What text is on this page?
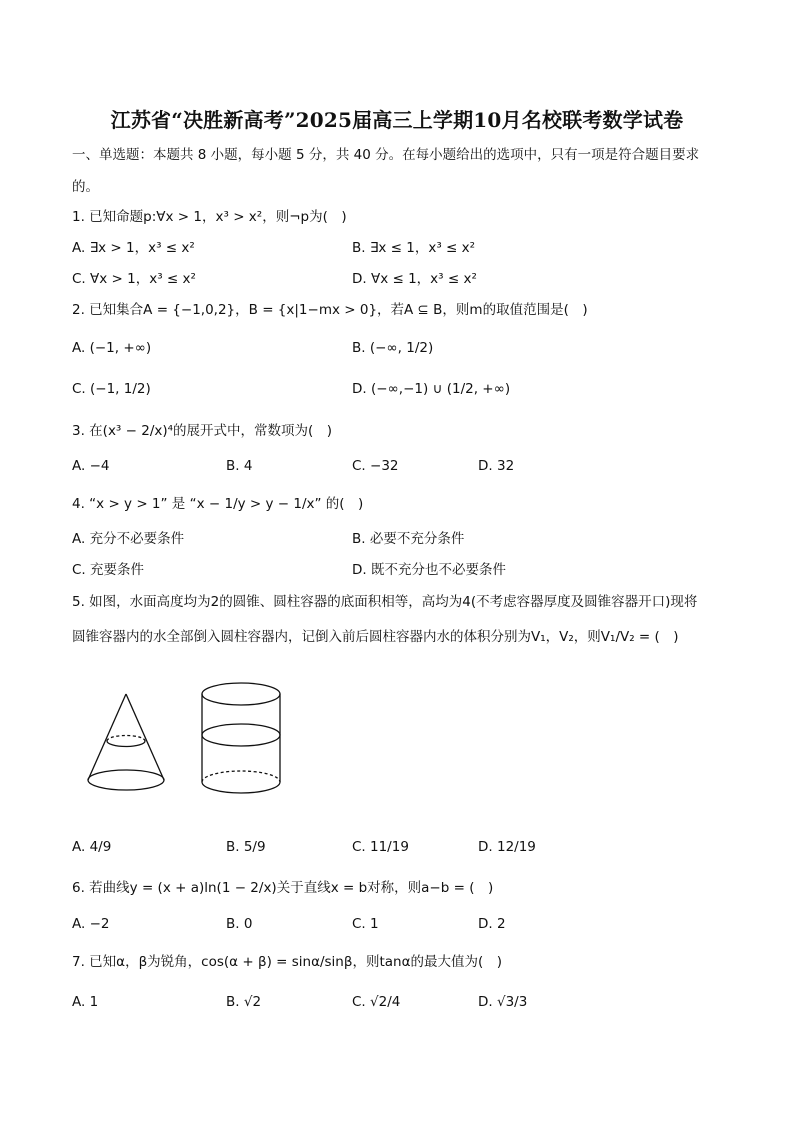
江苏省“决胜新高考”2025届高三上学期10月名校联考数学试卷
一、单选题：本题共 8 小题，每小题 5 分，共 40 分。在每小题给出的选项中，只有一项是符合题目要求
的。
1. 已知命题p:∀x > 1，x³ > x²，则¬p为(　)
A. ∃x > 1，x³ ≤ x²	B. ∃x ≤ 1，x³ ≤ x²
C. ∀x > 1，x³ ≤ x²	D. ∀x ≤ 1，x³ ≤ x²
2. 已知集合A = {−1,0,2}，B = {x|1−mx > 0}，若A ⊆ B，则m的取值范围是(　)
A. (−1, +∞)	B. (−∞, 1/2)
C. (−1, 1/2)	D. (−∞,−1) ∪ (1/2, +∞)
3. 在(x³ − 2/x)⁴的展开式中，常数项为(　)
A. −4	B. 4	C. −32	D. 32
4. “x > y > 1” 是 “x − 1/y > y − 1/x” 的(　)
A. 充分不必要条件	B. 必要不充分条件
C. 充要条件	D. 既不充分也不必要条件
5. 如图，水面高度均为2的圆锥、圆柱容器的底面积相等，高均为4(不考虑容器厚度及圆锥容器开口)现将
圆锥容器内的水全部倒入圆柱容器内，记倒入前后圆柱容器内水的体积分别为V₁，V₂，则V₁/V₂ = (　)
A. 4/9	B. 5/9	C. 11/19	D. 12/19
6. 若曲线y = (x + a)ln(1 − 2/x)关于直线x = b对称，则a−b = (　)
A. −2	B. 0	C. 1	D. 2
7. 已知α，β为锐角，cos(α + β) = sinα/sinβ，则tanα的最大值为(　)
A. 1	B. √2	C. √2/4	D. √3/3
